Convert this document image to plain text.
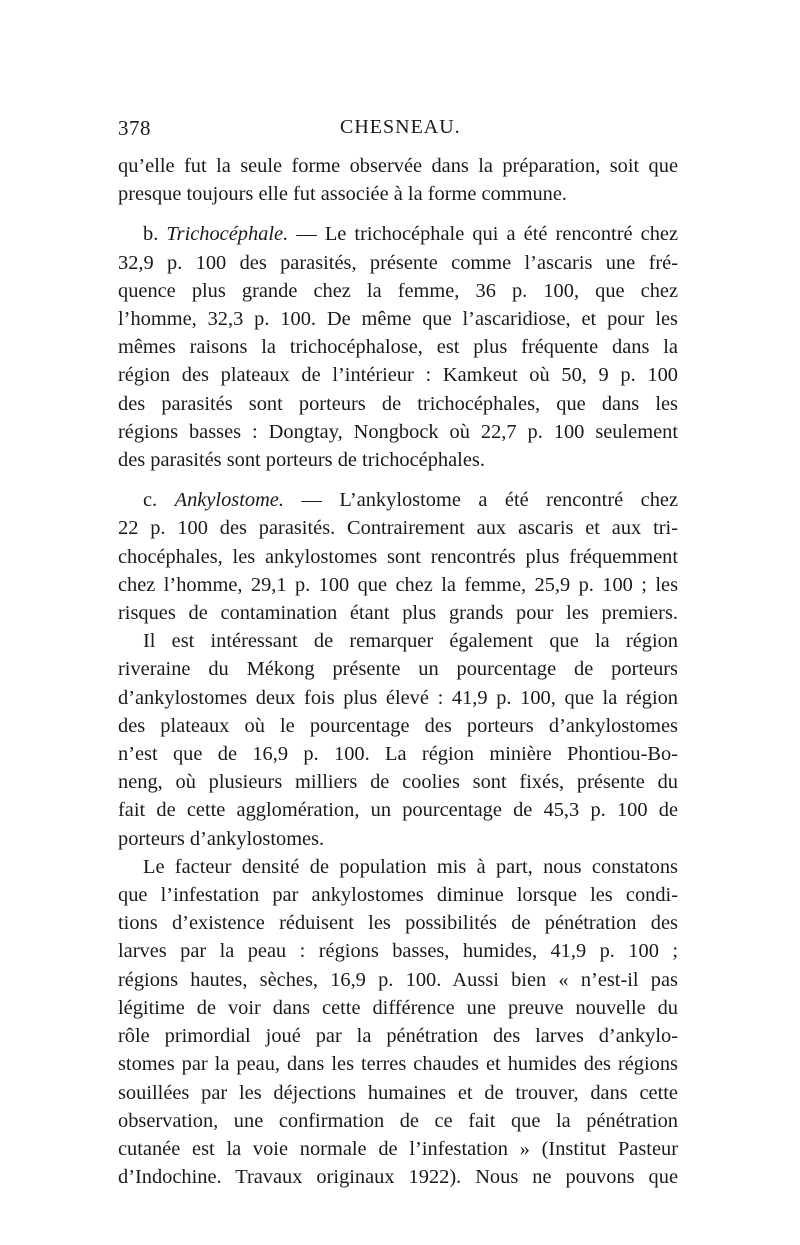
378	CHESNEAU.
qu’elle fut la seule forme observée dans la préparation, soit que
presque toujours elle fut associée à la forme commune.
b. Trichocéphale. — Le trichocéphale qui a été rencontré chez
32,9 p. 100 des parasités, présente comme l’ascaris une fré-
quence plus grande chez la femme, 36 p. 100, que chez
l’homme, 32,3 p. 100. De même que l’ascaridiose, et pour les
mêmes raisons la trichocéphalose, est plus fréquente dans la
région des plateaux de l’intérieur : Kamkeut où 50, 9 p. 100
des parasités sont porteurs de trichocéphales, que dans les
régions basses : Dongtay, Nongbock où 22,7 p. 100 seulement
des parasités sont porteurs de trichocéphales.
c. Ankylostome. — L’ankylostome a été rencontré chez
22 p. 100 des parasités. Contrairement aux ascaris et aux tri-
chocéphales, les ankylostomes sont rencontrés plus fréquemment
chez l’homme, 29,1 p. 100 que chez la femme, 25,9 p. 100 ; les
risques de contamination étant plus grands pour les premiers.
Il est intéressant de remarquer également que la région
riveraine du Mékong présente un pourcentage de porteurs
d’ankylostomes deux fois plus élevé : 41,9 p. 100, que la région
des plateaux où le pourcentage des porteurs d’ankylostomes
n’est que de 16,9 p. 100. La région minière Phontiou-Bo-
neng, où plusieurs milliers de coolies sont fixés, présente du
fait de cette agglomération, un pourcentage de 45,3 p. 100 de
porteurs d’ankylostomes.
Le facteur densité de population mis à part, nous constatons
que l’infestation par ankylostomes diminue lorsque les condi-
tions d’existence réduisent les possibilités de pénétration des
larves par la peau : régions basses, humides, 41,9 p. 100 ;
régions hautes, sèches, 16,9 p. 100. Aussi bien « n’est-il pas
légitime de voir dans cette différence une preuve nouvelle du
rôle primordial joué par la pénétration des larves d’ankylo-
stomes par la peau, dans les terres chaudes et humides des régions
souillées par les déjections humaines et de trouver, dans cette
observation, une confirmation de ce fait que la pénétration
cutanée est la voie normale de l’infestation » (Institut Pasteur
d’Indochine. Travaux originaux 1922). Nous ne pouvons que
